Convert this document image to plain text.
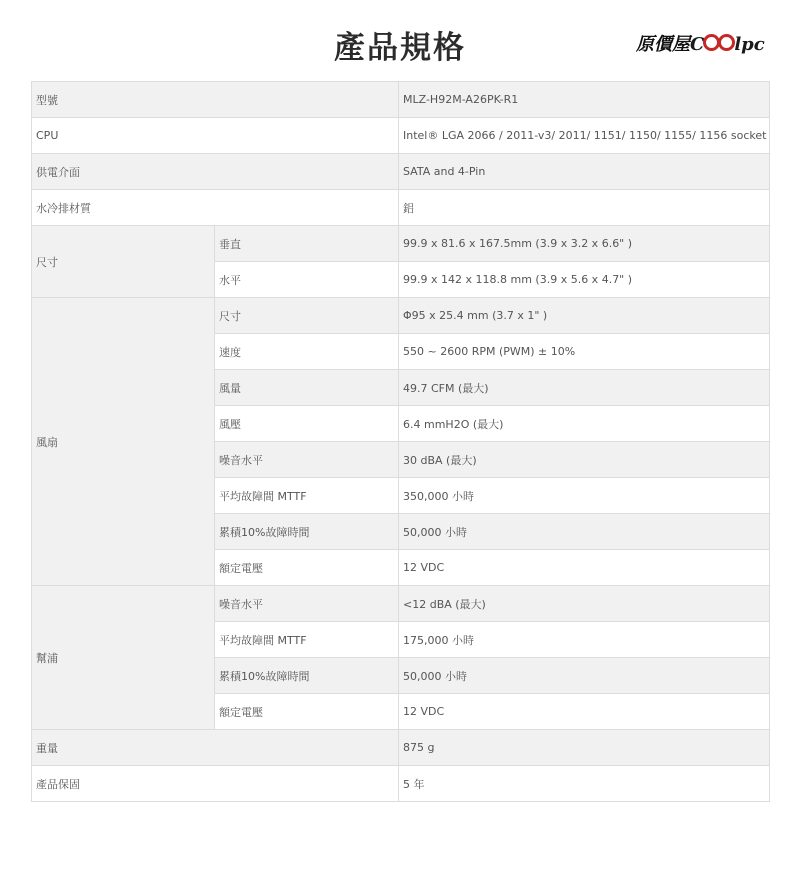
產品規格	原價屋C lpc
型號		MLZ-H92M-A26PK-R1
CPU		Intel® LGA 2066 / 2011-v3/ 2011/ 1151/ 1150/ 1155/ 1156 socket
供電介面		SATA and 4-Pin
水冷排材質		鋁
尺寸	垂直	99.9 x 81.6 x 167.5mm (3.9 x 3.2 x 6.6" )
	水平	99.9 x 142 x 118.8 mm (3.9 x 5.6 x 4.7" )
風扇	尺寸	Φ95 x 25.4 mm (3.7 x 1" )
	速度	550 ~ 2600 RPM (PWM) ± 10%
	風量	49.7 CFM (最大)
	風壓	6.4 mmH2O (最大)
	噪音水平	30 dBA (最大)
	平均故障間 MTTF	350,000 小時
	累積10%故障時間	50,000 小時
	額定電壓	12 VDC
幫浦	噪音水平	<12 dBA (最大)
	平均故障間 MTTF	175,000 小時
	累積10%故障時間	50,000 小時
	額定電壓	12 VDC
重量		875 g
產品保固		5 年
